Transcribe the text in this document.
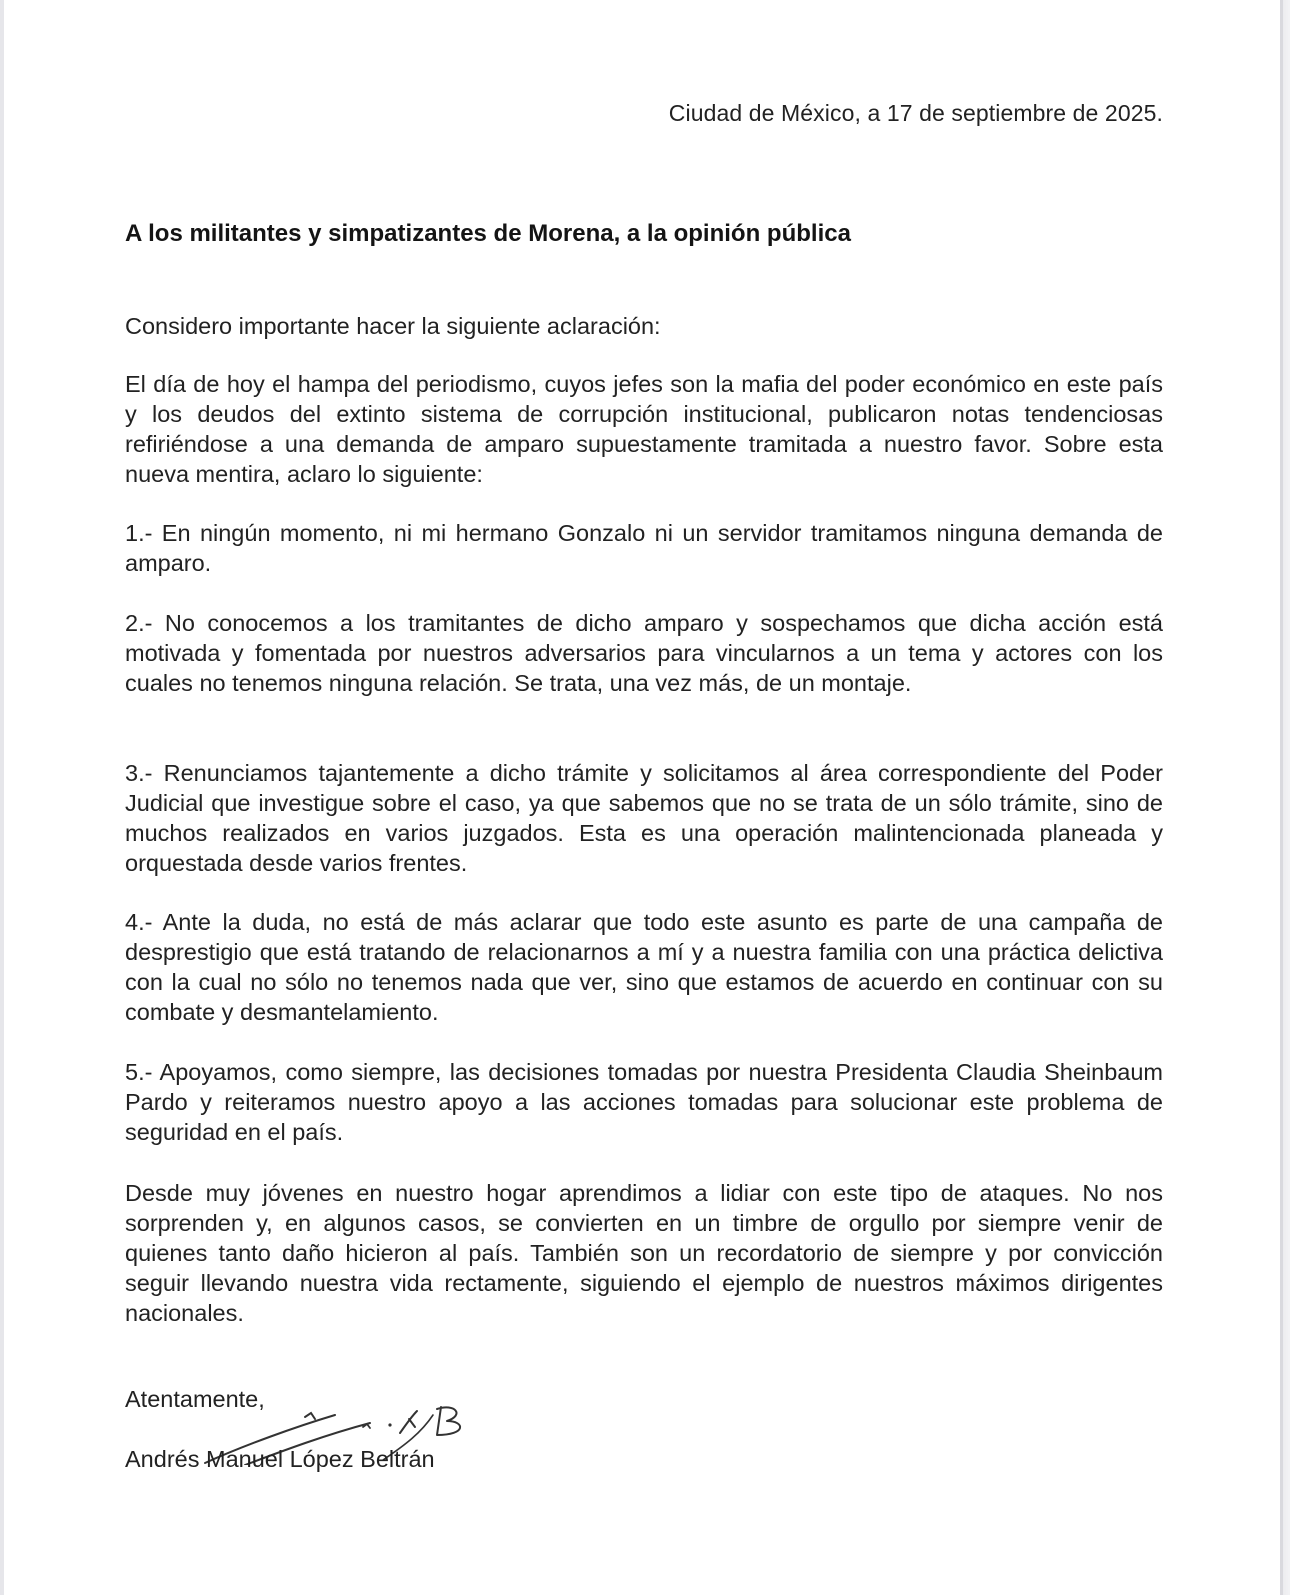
Ciudad de México, a 17 de septiembre de 2025.
A los militantes y simpatizantes de Morena, a la opinión pública
Considero importante hacer la siguiente aclaración:

El día de hoy el hampa del periodismo, cuyos jefes son la mafia del poder económico en este país y los deudos del extinto sistema de corrupción institucional, publicaron notas tendenciosas refiriéndose a una demanda de amparo supuestamente tramitada a nuestro favor. Sobre esta nueva mentira, aclaro lo siguiente:

1.- En ningún momento, ni mi hermano Gonzalo ni un servidor tramitamos ninguna demanda de amparo.

2.- No conocemos a los tramitantes de dicho amparo y sospechamos que dicha acción está motivada y fomentada por nuestros adversarios para vincularnos a un tema y actores con los cuales no tenemos ninguna relación. Se trata, una vez más, de un montaje.

3.- Renunciamos tajantemente a dicho trámite y solicitamos al área correspondiente del Poder Judicial que investigue sobre el caso, ya que sabemos que no se trata de un sólo trámite, sino de muchos realizados en varios juzgados. Esta es una operación malintencionada planeada y orquestada desde varios frentes.

4.- Ante la duda, no está de más aclarar que todo este asunto es parte de una campaña de desprestigio que está tratando de relacionarnos a mí y a nuestra familia con una práctica delictiva con la cual no sólo no tenemos nada que ver, sino que estamos de acuerdo en continuar con su combate y desmantelamiento.

5.- Apoyamos, como siempre, las decisiones tomadas por nuestra Presidenta Claudia Sheinbaum Pardo y reiteramos nuestro apoyo a las acciones tomadas para solucionar este problema de seguridad en el país.

Desde muy jóvenes en nuestro hogar aprendimos a lidiar con este tipo de ataques. No nos sorprenden y, en algunos casos, se convierten en un timbre de orgullo por siempre venir de quienes tanto daño hicieron al país. También son un recordatorio de siempre y por convicción seguir llevando nuestra vida rectamente, siguiendo el ejemplo de nuestros máximos dirigentes nacionales.

Atentamente,
Andrés Manuel López Beltrán
